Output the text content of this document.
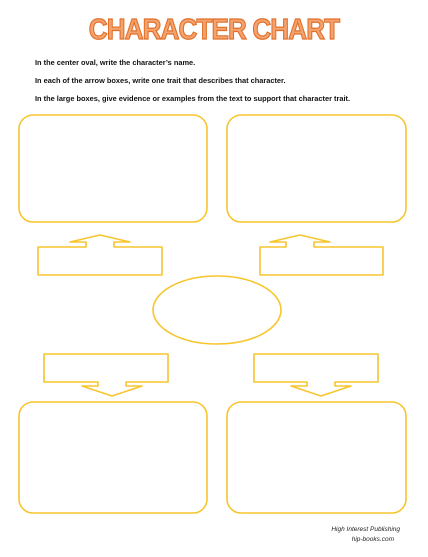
CHARACTER CHART
In the center oval, write the character’s name.
In each of the arrow boxes, write one trait that describes that character.
In the large boxes, give evidence or examples from the text to support that character trait.
High Interest Publishing
hip-books.com
